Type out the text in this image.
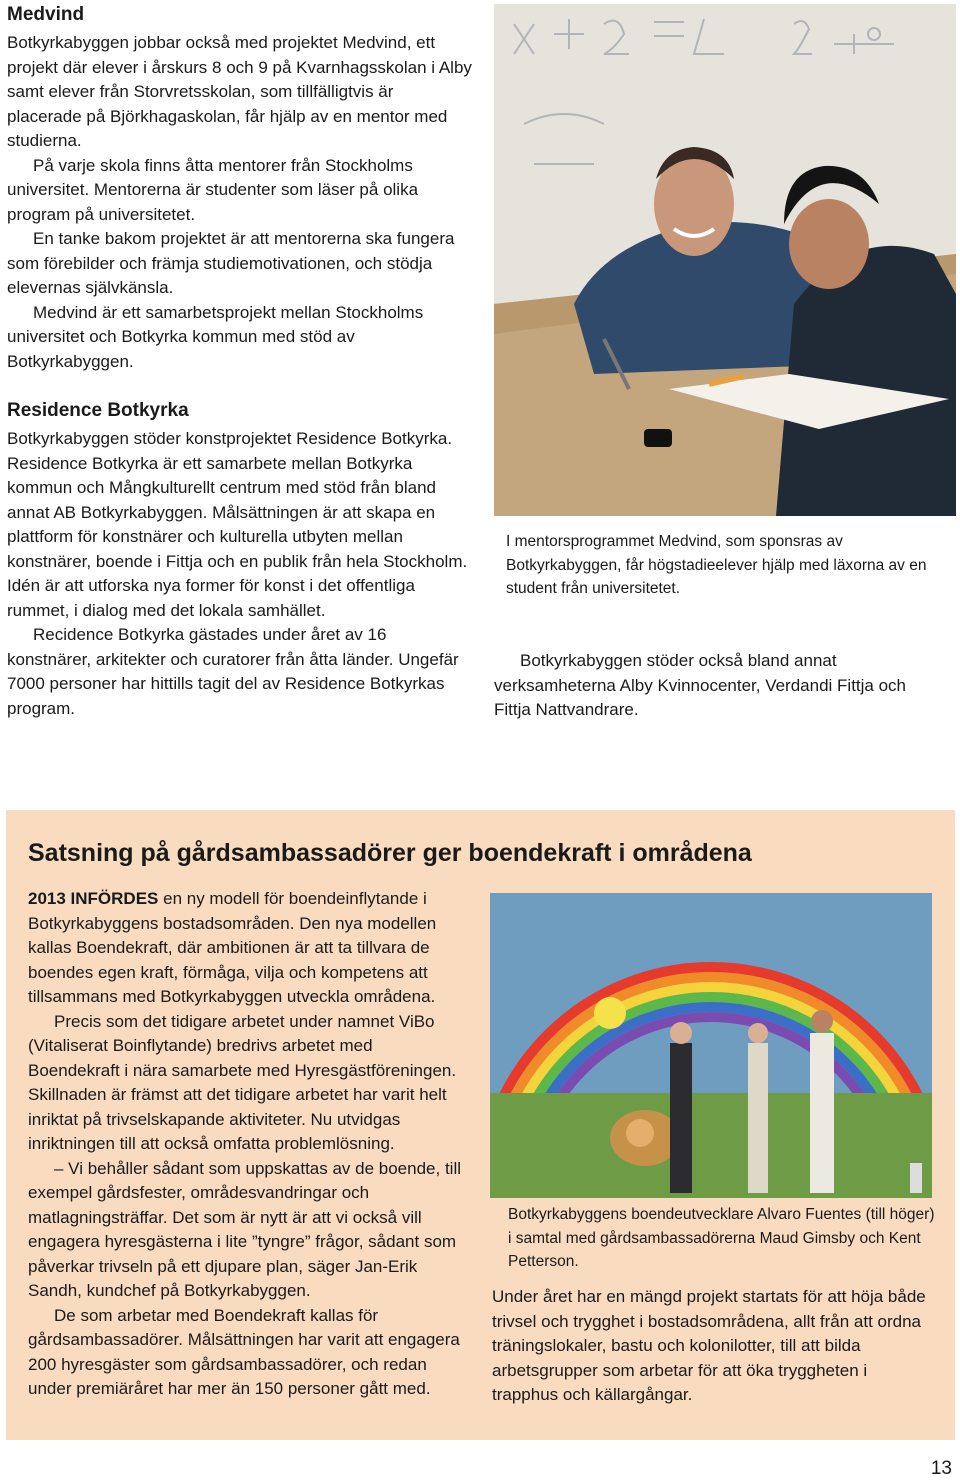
Medvind

Botkyrkabyggen jobbar också med projektet Medvind, ett projekt där elever i årskurs 8 och 9 på Kvarnhagsskolan i Alby samt elever från Storvretsskolan, som tillfälligtvis är placerade på Björkhagaskolan, får hjälp av en mentor med studierna.

På varje skola finns åtta mentorer från Stockholms universitet. Mentorerna är studenter som läser på olika program på universitetet.

En tanke bakom projektet är att mentorerna ska fungera som förebilder och främja studiemotivationen, och stödja elevernas självkänsla.

Medvind är ett samarbetsprojekt mellan Stockholms universitet och Botkyrka kommun med stöd av Botkyrkabyggen.

Residence Botkyrka

Botkyrkabyggen stöder konstprojektet Residence Botkyrka. Residence Botkyrka är ett samarbete mellan Botkyrka kommun och Mångkulturellt centrum med stöd från bland annat AB Botkyrkabyggen. Målsättningen är att skapa en plattform för konstnärer och kulturella utbyten mellan konstnärer, boende i Fittja och en publik från hela Stockholm. Idén är att utforska nya former för konst i det offentliga rummet, i dialog med det lokala samhället.

Recidence Botkyrka gästades under året av 16 konstnärer, arkitekter och curatorer från åtta länder. Ungefär 7000 personer har hittills tagit del av Residence Botkyrkas program.

I mentorsprogrammet Medvind, som sponsras av Botkyrkabyggen, får högstadieelever hjälp med läxorna av en student från universitetet.

Botkyrkabyggen stöder också bland annat verksamheterna Alby Kvinnocenter, Verdandi Fittja och Fittja Nattvandrare.

Satsning på gårdsambassadörer ger boendekraft i områdena

2013 INFÖRDES en ny modell för boendeinflytande i Botkyrkabyggens bostadsområden. Den nya modellen kallas Boendekraft, där ambitionen är att ta tillvara de boendes egen kraft, förmåga, vilja och kompetens att tillsammans med Botkyrkabyggen utveckla områdena.

Precis som det tidigare arbetet under namnet ViBo (Vitaliserat Boinflytande) bredrivs arbetet med Boendekraft i nära samarbete med Hyresgästföreningen. Skillnaden är främst att det tidigare arbetet har varit helt inriktat på trivselskapande aktiviteter. Nu utvidgas inriktningen till att också omfatta problemlösning.

– Vi behåller sådant som uppskattas av de boende, till exempel gårdsfester, områdesvandringar och matlagningsträffar. Det som är nytt är att vi också vill engagera hyresgästerna i lite ”tyngre” frågor, sådant som påverkar trivseln på ett djupare plan, säger Jan-Erik Sandh, kundchef på Botkyrkabyggen.

De som arbetar med Boendekraft kallas för gårdsambassadörer. Målsättningen har varit att engagera 200 hyresgäster som gårdsambassadörer, och redan under premiäråret har mer än 150 personer gått med.

Botkyrkabyggens boendeutvecklare Alvaro Fuentes (till höger) i samtal med gårdsambassadörerna Maud Gimsby och Kent Petterson.

Under året har en mängd projekt startats för att höja både trivsel och trygghet i bostadsområdena, allt från att ordna träningslokaler, bastu och kolonilotter, till att bilda arbetsgrupper som arbetar för att öka tryggheten i trapphus och källargångar.

13
